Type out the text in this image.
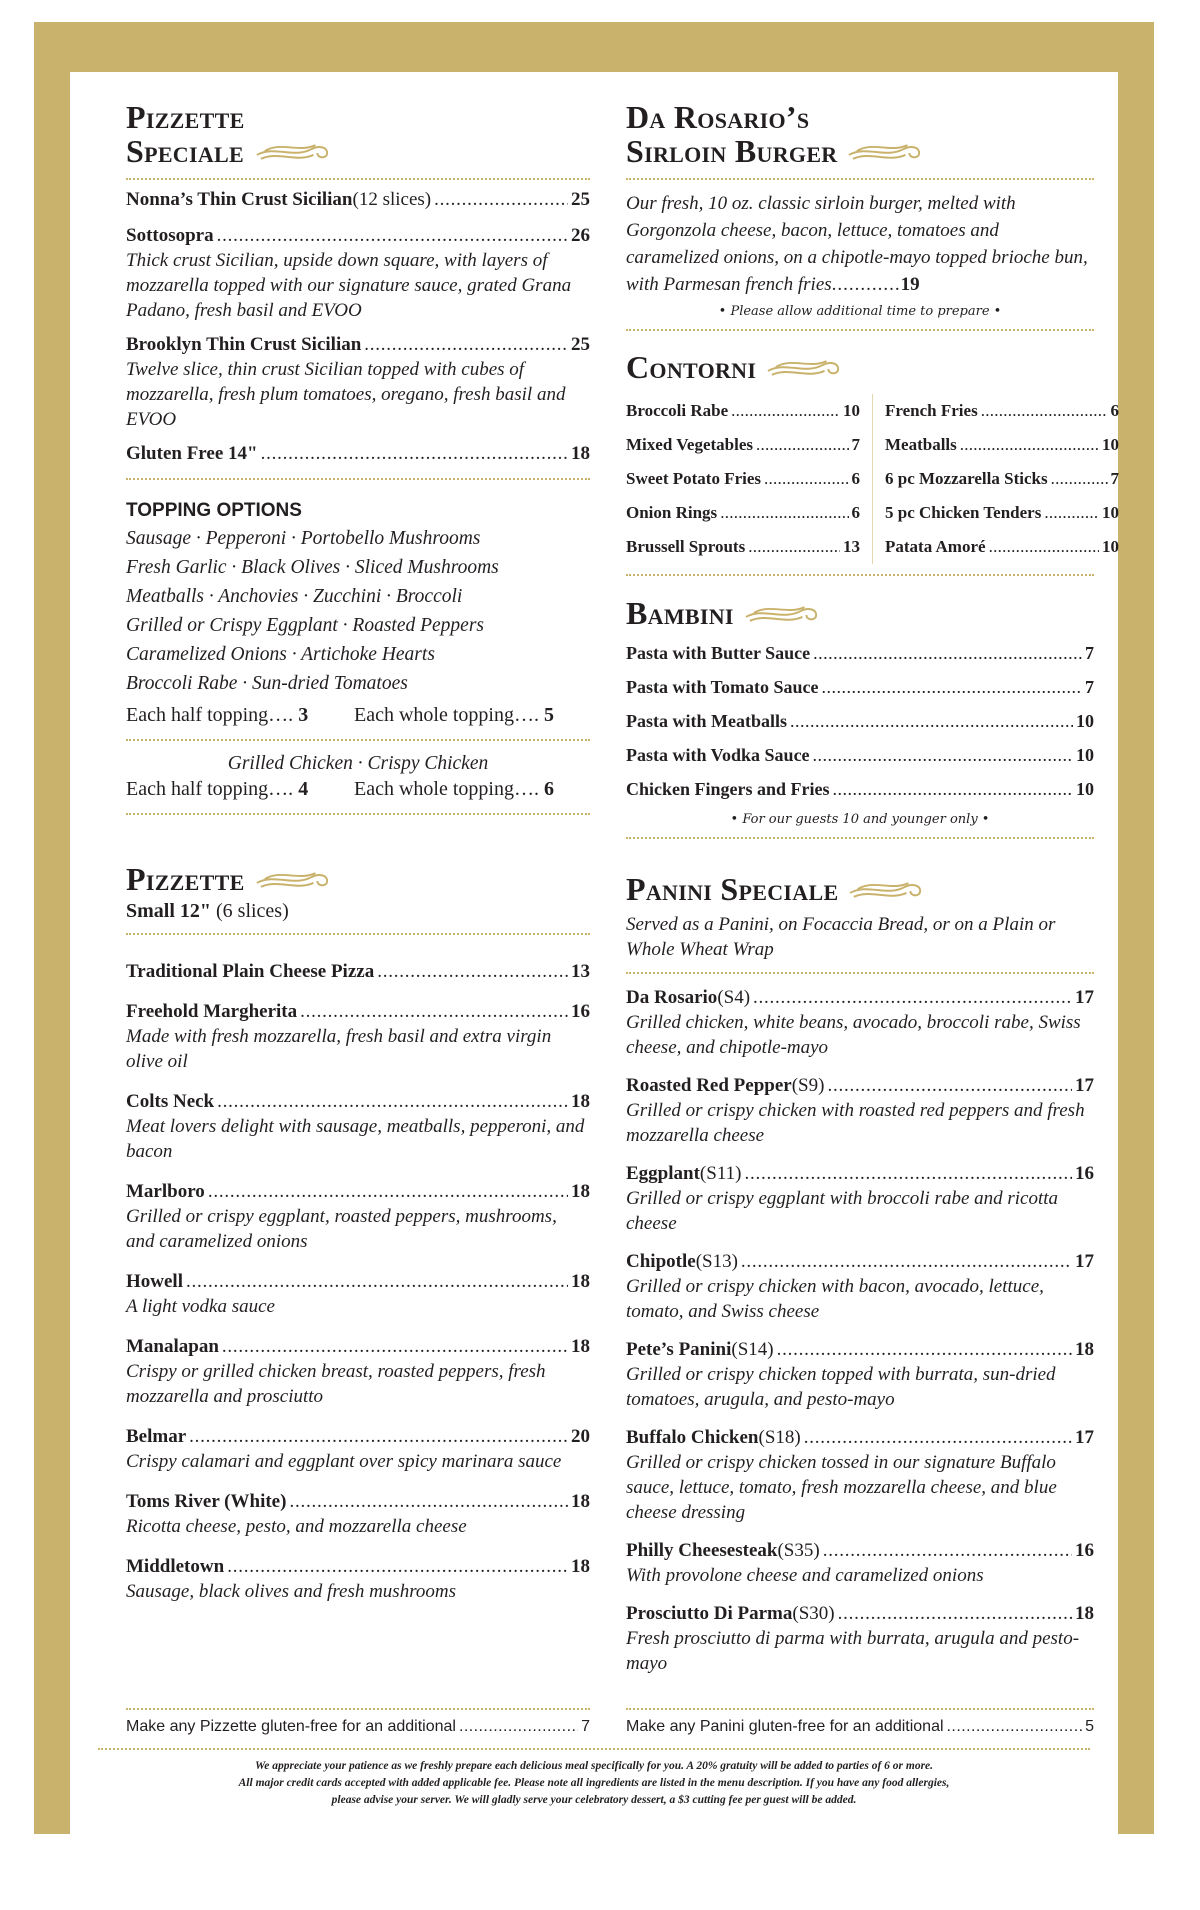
Pizzette
Speciale
Nonna’s Thin Crust Sicilian (12 slices) . . .	25
Sottosopra . . .	26
Thick crust Sicilian, upside down square, with layers of mozzarella topped with our signature sauce, grated Grana Padano, fresh basil and EVOO
Brooklyn Thin Crust Sicilian . . .	25
Twelve slice, thin crust Sicilian topped with cubes of mozzarella, fresh plum tomatoes, oregano, fresh basil and EVOO
Gluten Free 14" . . .	18
TOPPING OPTIONS
Sausage · Pepperoni · Portobello Mushrooms
Fresh Garlic · Black Olives · Sliced Mushrooms
Meatballs · Anchovies · Zucchini · Broccoli
Grilled or Crispy Eggplant · Roasted Peppers
Caramelized Onions · Artichoke Hearts
Broccoli Rabe · Sun-dried Tomatoes
Each half topping…. 3	Each whole topping…. 5
Grilled Chicken · Crispy Chicken
Each half topping…. 4	Each whole topping…. 6
Pizzette
Small 12" (6 slices)
Traditional Plain Cheese Pizza . . .	13
Freehold Margherita . . .	16
Made with fresh mozzarella, fresh basil and extra virgin olive oil
Colts Neck . . .	18
Meat lovers delight with sausage, meatballs, pepperoni, and bacon
Marlboro . . .	18
Grilled or crispy eggplant, roasted peppers, mushrooms, and caramelized onions
Howell . . .	18
A light vodka sauce
Manalapan . . .	18
Crispy or grilled chicken breast, roasted peppers, fresh mozzarella and prosciutto
Belmar . . .	20
Crispy calamari and eggplant over spicy marinara sauce
Toms River (White) . . .	18
Ricotta cheese, pesto, and mozzarella cheese
Middletown . . .	18
Sausage, black olives and fresh mushrooms
Make any Pizzette gluten-free for an additional . . .	7
Da Rosario’s
Sirloin Burger
Our fresh, 10 oz. classic sirloin burger, melted with Gorgonzola cheese, bacon, lettuce, tomatoes and caramelized onions, on a chipotle-mayo topped brioche bun, with Parmesan french fries............19
• Please allow additional time to prepare •
Contorni
Broccoli Rabe . . .	10
Mixed Vegetables . . .	7
Sweet Potato Fries . . .	6
Onion Rings . . .	6
Brussell Sprouts . . .	13
French Fries . . .	6
Meatballs . . .	10
6 pc Mozzarella Sticks . . .	7
5 pc Chicken Tenders . . .	10
Patata Amoré . . .	10
Bambini
Pasta with Butter Sauce . . .	7
Pasta with Tomato Sauce . . .	7
Pasta with Meatballs . . .	10
Pasta with Vodka Sauce . . .	10
Chicken Fingers and Fries . . .	10
• For our guests 10 and younger only •
Panini Speciale
Served as a Panini, on Focaccia Bread, or on a Plain or Whole Wheat Wrap
Da Rosario (S4) . . .	17
Grilled chicken, white beans, avocado, broccoli rabe, Swiss cheese, and chipotle-mayo
Roasted Red Pepper (S9) . . .	17
Grilled or crispy chicken with roasted red peppers and fresh mozzarella cheese
Eggplant (S11) . . .	16
Grilled or crispy eggplant with broccoli rabe and ricotta cheese
Chipotle (S13) . . .	17
Grilled or crispy chicken with bacon, avocado, lettuce, tomato, and Swiss cheese
Pete’s Panini (S14) . . .	18
Grilled or crispy chicken topped with burrata, sun-dried tomatoes, arugula, and pesto-mayo
Buffalo Chicken (S18) . . .	17
Grilled or crispy chicken tossed in our signature Buffalo sauce, lettuce, tomato, fresh mozzarella cheese, and blue cheese dressing
Philly Cheesesteak (S35) . . .	16
With provolone cheese and caramelized onions
Prosciutto Di Parma (S30) . . .	18
Fresh prosciutto di parma with burrata, arugula and pesto-mayo
Make any Panini gluten-free for an additional . . .	5
We appreciate your patience as we freshly prepare each delicious meal specifically for you. A 20% gratuity will be added to parties of 6 or more.
All major credit cards accepted with added applicable fee. Please note all ingredients are listed in the menu description. If you have any food allergies,
please advise your server. We will gladly serve your celebratory dessert, a $3 cutting fee per guest will be added.
